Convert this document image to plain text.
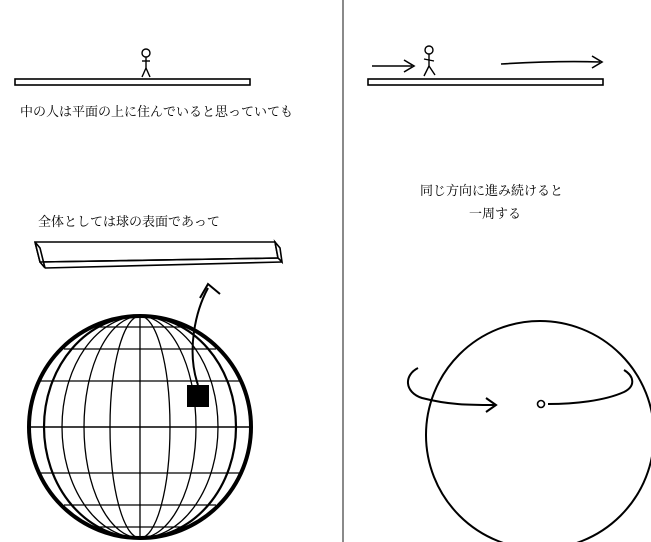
中の人は平面の上に住んでいると思っていても
全体としては球の表面であって
同じ方向に進み続けると
一周する
